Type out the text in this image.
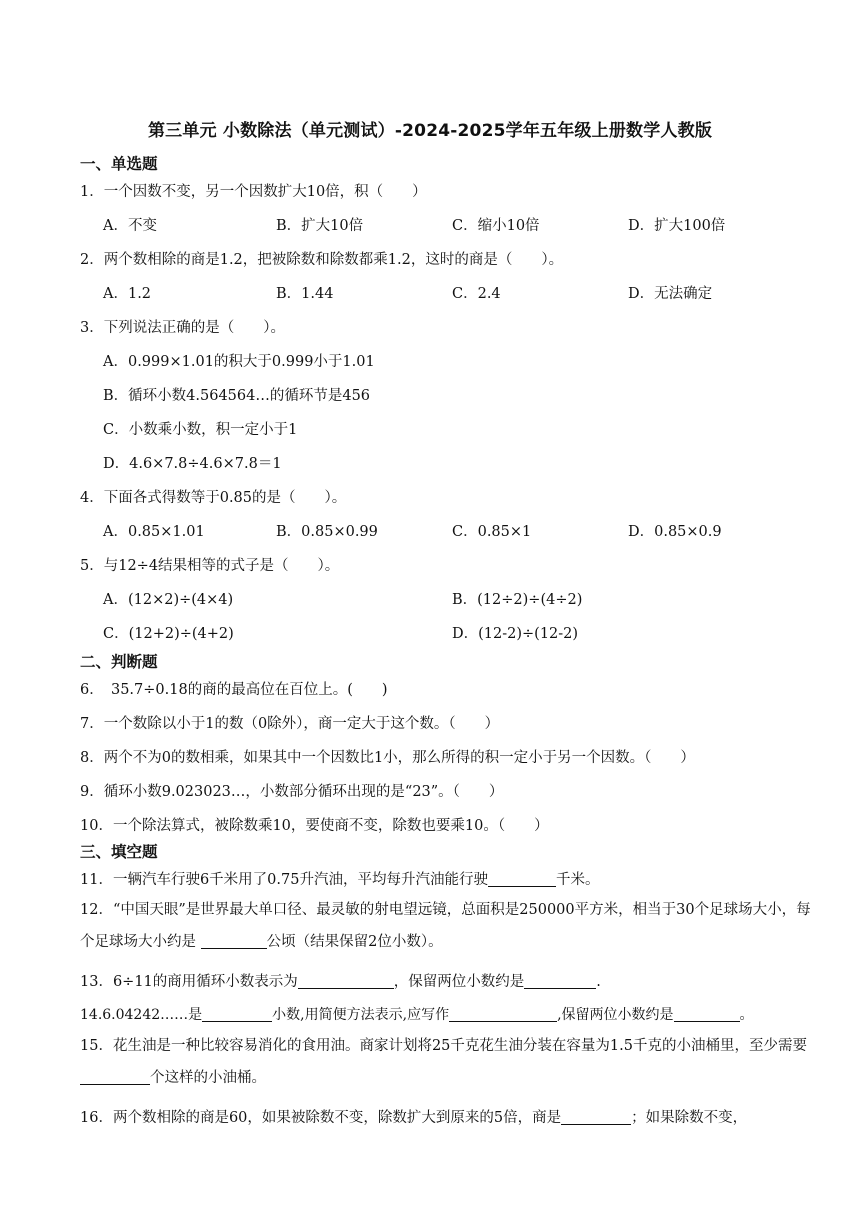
第三单元 小数除法（单元测试）-2024-2025学年五年级上册数学人教版
一、单选题
1．一个因数不变，另一个因数扩大10倍，积（　　）
A．不变	B．扩大10倍	C．缩小10倍	D．扩大100倍
2．两个数相除的商是1.2，把被除数和除数都乘1.2，这时的商是（　　）。
A．1.2	B．1.44	C．2.4	D．无法确定
3．下列说法正确的是（　　）。
A．0.999×1.01的积大于0.999小于1.01
B．循环小数4.564564…的循环节是456
C．小数乘小数，积一定小于1
D．4.6×7.8÷4.6×7.8＝1
4．下面各式得数等于0.85的是（　　）。
A．0.85×1.01	B．0.85×0.99	C．0.85×1	D．0.85×0.9
5．与12÷4结果相等的式子是（　　）。
A．(12×2)÷(4×4)	B．(12÷2)÷(4÷2)
C．(12+2)÷(4+2)	D．(12-2)÷(12-2)
二、判断题
6．　35.7÷0.18的商的最高位在百位上。(　　)
7．一个数除以小于1的数（0除外），商一定大于这个数。（　　）
8．两个不为0的数相乘，如果其中一个因数比1小，那么所得的积一定小于另一个因数。（　　）
9．循环小数9.023023…，小数部分循环出现的是“23”。（　　）
10．一个除法算式，被除数乘10，要使商不变，除数也要乘10。（　　）
三、填空题
11．一辆汽车行驶6千米用了0.75升汽油，平均每升汽油能行驶	千米。
12．“中国天眼”是世界最大单口径、最灵敏的射电望远镜，总面积是250000平方米，相当于30个足球场大小，每个足球场大小约是	公顷（结果保留2位小数）。
13．6÷11的商用循环小数表示为	，保留两位小数约是	.
14.6.04242……是	小数,用简便方法表示,应写作	,保留两位小数约是	。
15．花生油是一种比较容易消化的食用油。商家计划将25千克花生油分装在容量为1.5千克的小油桶里，至少需要个这样的小油桶。
16．两个数相除的商是60，如果被除数不变，除数扩大到原来的5倍，商是	；如果除数不变，
